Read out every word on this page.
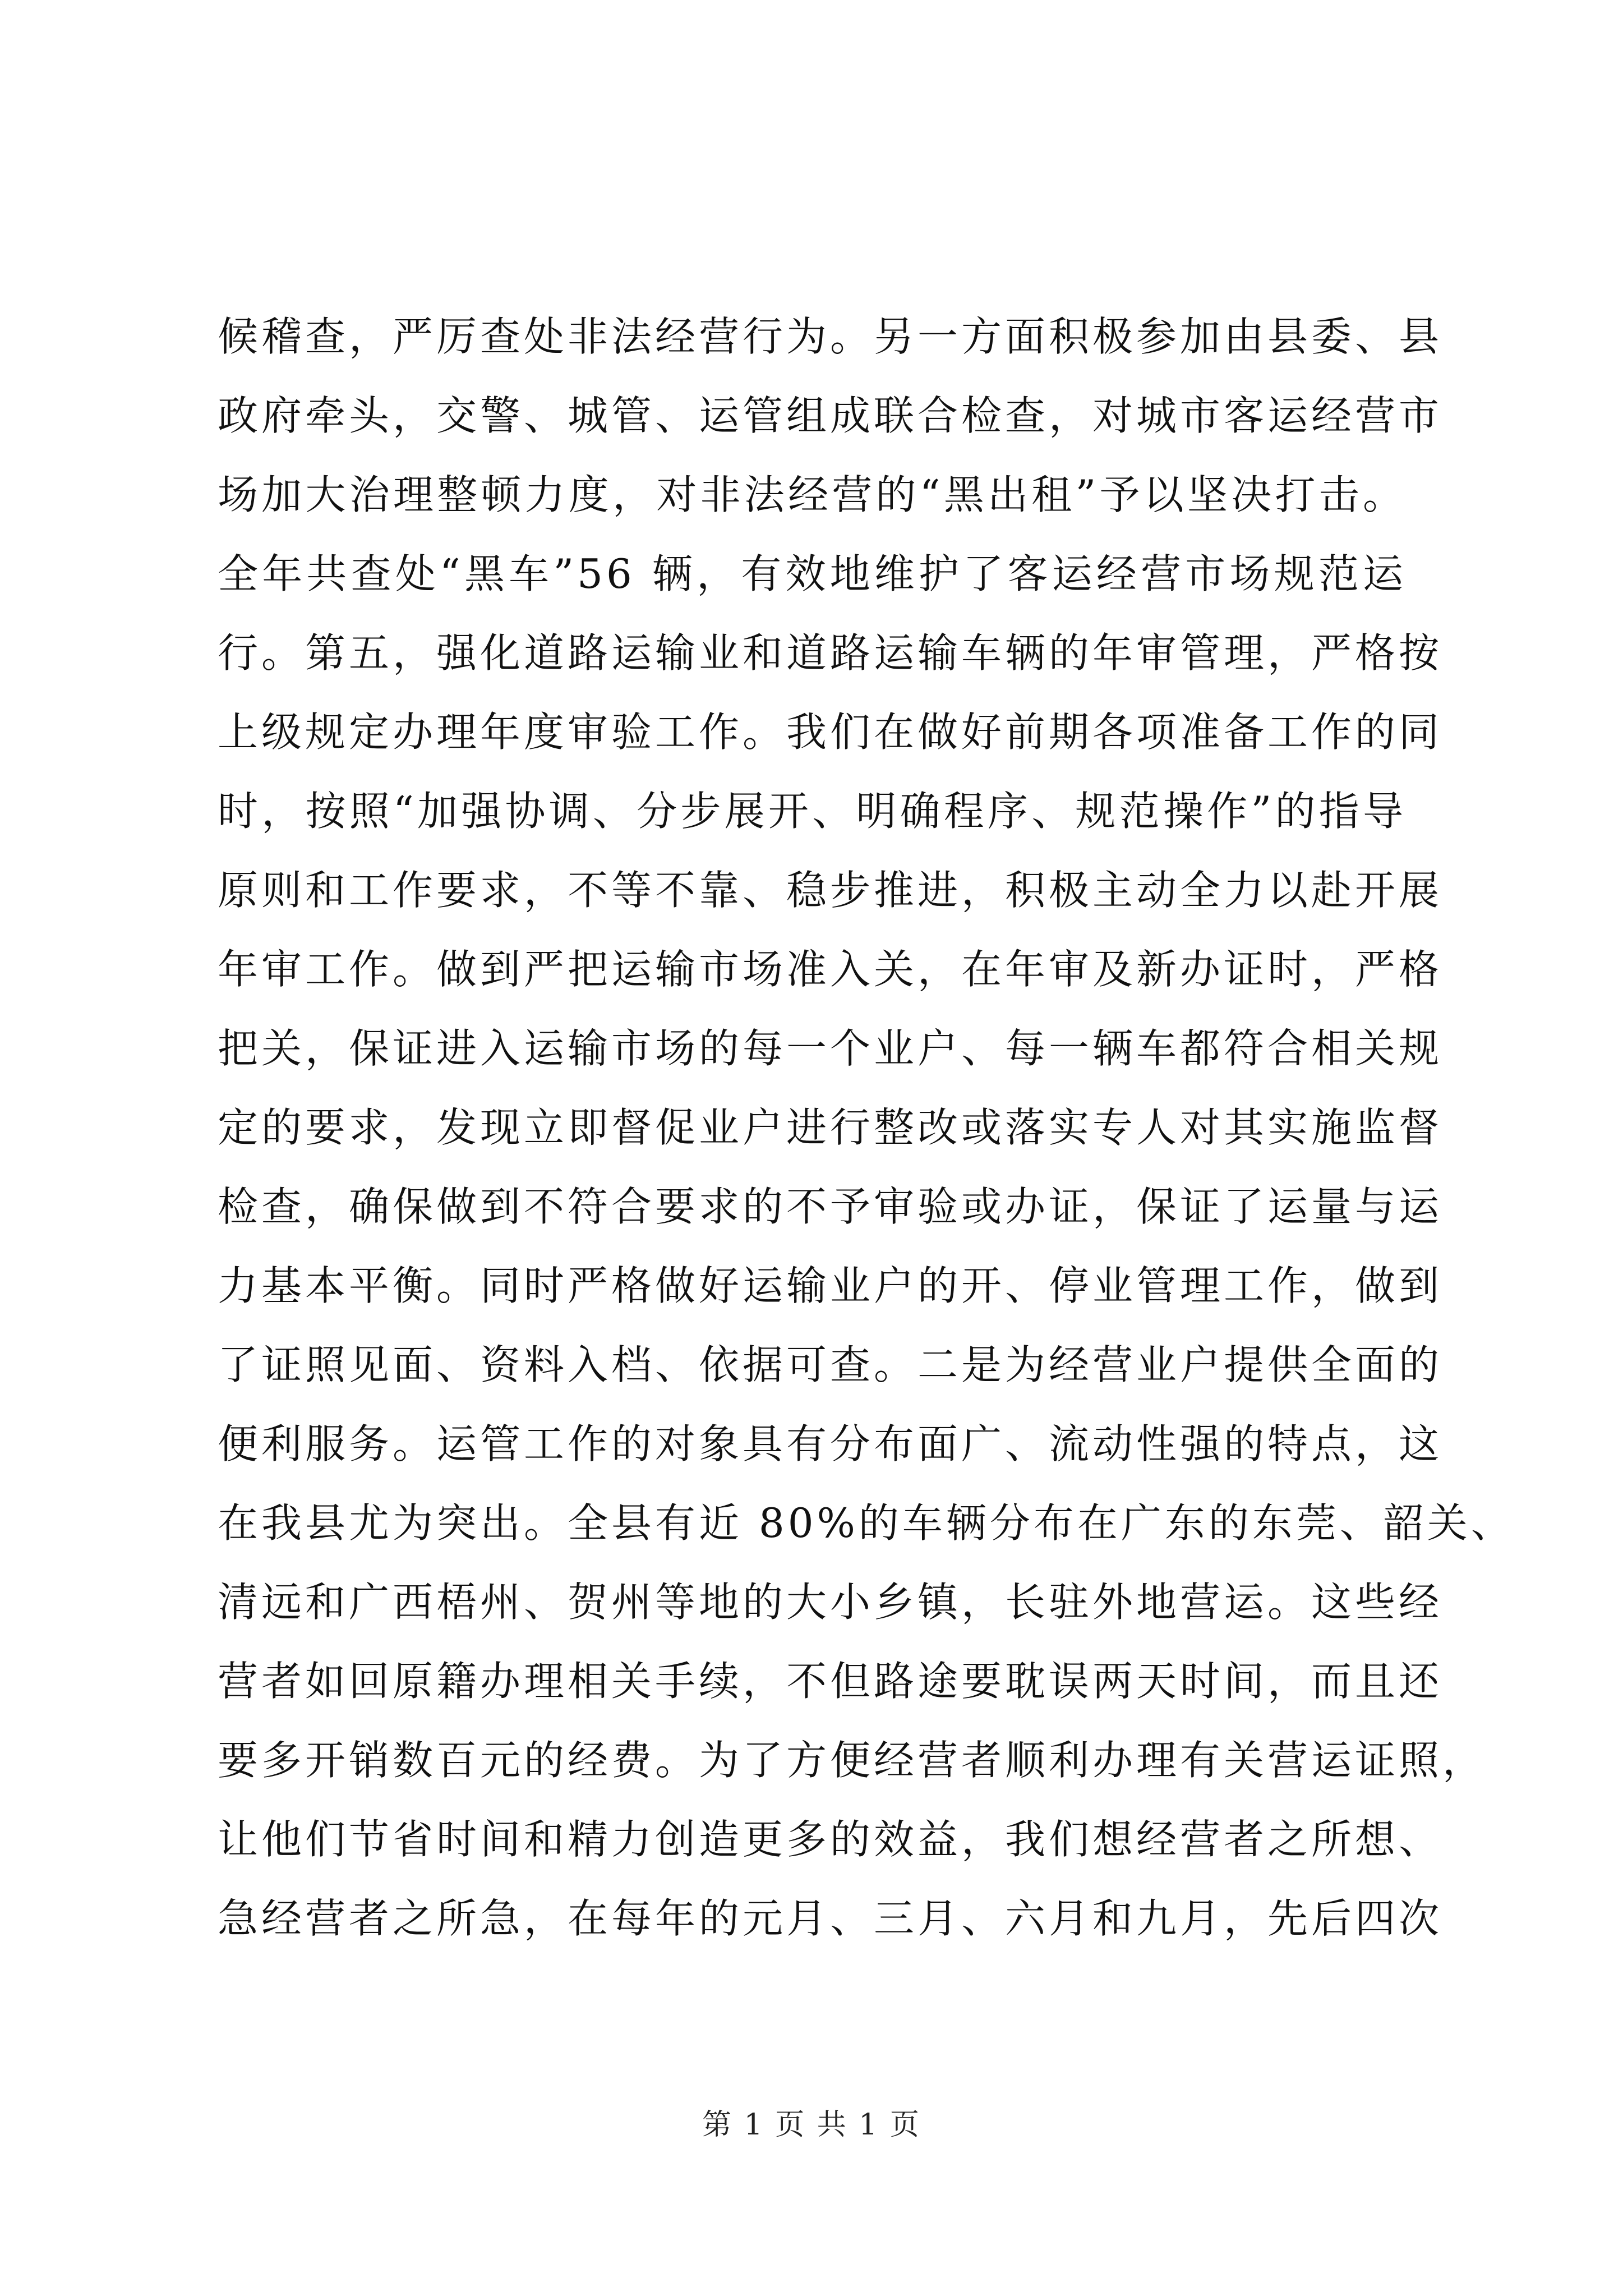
候稽查，严厉查处非法经营行为。另一方面积极参加由县委、县
政府牵头，交警、城管、运管组成联合检查，对城市客运经营市
场加大治理整顿力度，对非法经营的“黑出租”予以坚决打击。
全年共查处“黑车”56 辆，有效地维护了客运经营市场规范运
行。第五，强化道路运输业和道路运输车辆的年审管理，严格按
上级规定办理年度审验工作。我们在做好前期各项准备工作的同
时，按照“加强协调、分步展开、明确程序、规范操作”的指导
原则和工作要求，不等不靠、稳步推进，积极主动全力以赴开展
年审工作。做到严把运输市场准入关，在年审及新办证时，严格
把关，保证进入运输市场的每一个业户、每一辆车都符合相关规
定的要求，发现立即督促业户进行整改或落实专人对其实施监督
检查，确保做到不符合要求的不予审验或办证，保证了运量与运
力基本平衡。同时严格做好运输业户的开、停业管理工作，做到
了证照见面、资料入档、依据可查。二是为经营业户提供全面的
便利服务。运管工作的对象具有分布面广、流动性强的特点，这
在我县尤为突出。全县有近 80%的车辆分布在广东的东莞、韶关、
清远和广西梧州、贺州等地的大小乡镇，长驻外地营运。这些经
营者如回原籍办理相关手续，不但路途要耽误两天时间，而且还
要多开销数百元的经费。为了方便经营者顺利办理有关营运证照，
让他们节省时间和精力创造更多的效益，我们想经营者之所想、
急经营者之所急，在每年的元月、三月、六月和九月，先后四次
第 1 页 共 1 页
